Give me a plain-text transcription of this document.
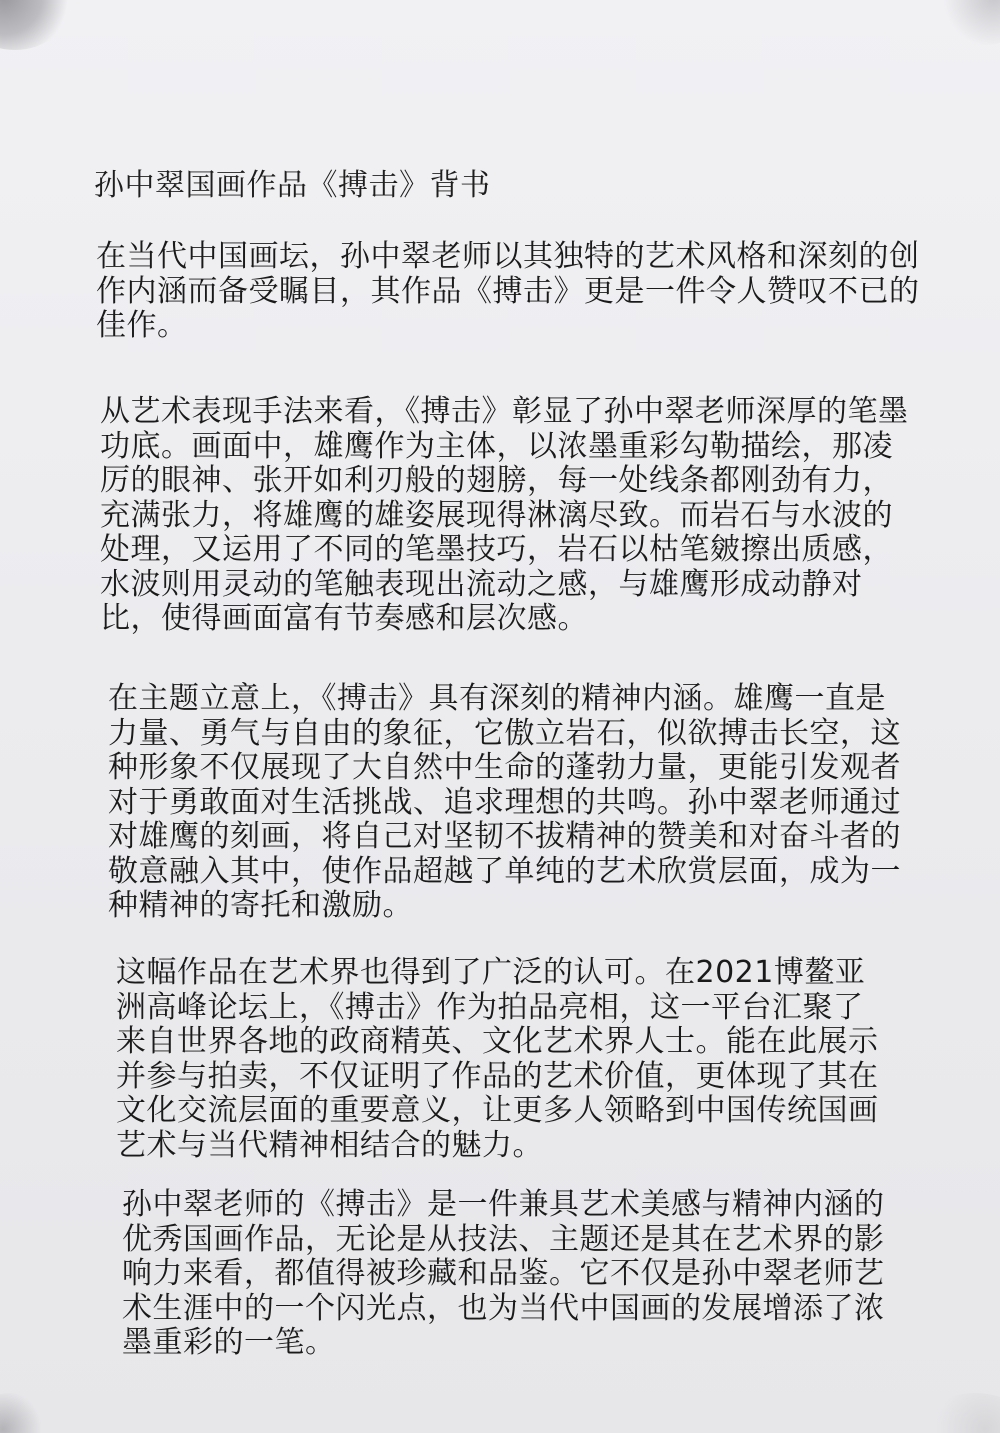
孙中翠国画作品《搏击》背书

在当代中国画坛，孙中翠老师以其独特的艺术风格和深刻的创作内涵而备受瞩目，其作品《搏击》更是一件令人赞叹不已的佳作。

从艺术表现手法来看，《搏击》彰显了孙中翠老师深厚的笔墨功底。画面中，雄鹰作为主体，以浓墨重彩勾勒描绘，那凌厉的眼神、张开如利刃般的翅膀，每一处线条都刚劲有力，充满张力，将雄鹰的雄姿展现得淋漓尽致。而岩石与水波的处理，又运用了不同的笔墨技巧，岩石以枯笔皴擦出质感，水波则用灵动的笔触表现出流动之感，与雄鹰形成动静对比，使得画面富有节奏感和层次感。

在主题立意上，《搏击》具有深刻的精神内涵。雄鹰一直是力量、勇气与自由的象征，它傲立岩石，似欲搏击长空，这种形象不仅展现了大自然中生命的蓬勃力量，更能引发观者对于勇敢面对生活挑战、追求理想的共鸣。孙中翠老师通过对雄鹰的刻画，将自己对坚韧不拔精神的赞美和对奋斗者的敬意融入其中，使作品超越了单纯的艺术欣赏层面，成为一种精神的寄托和激励。

这幅作品在艺术界也得到了广泛的认可。在2021博鳌亚洲高峰论坛上，《搏击》作为拍品亮相，这一平台汇聚了来自世界各地的政商精英、文化艺术界人士。能在此展示并参与拍卖，不仅证明了作品的艺术价值，更体现了其在文化交流层面的重要意义，让更多人领略到中国传统国画艺术与当代精神相结合的魅力。

孙中翠老师的《搏击》是一件兼具艺术美感与精神内涵的优秀国画作品，无论是从技法、主题还是其在艺术界的影响力来看，都值得被珍藏和品鉴。它不仅是孙中翠老师艺术生涯中的一个闪光点，也为当代中国画的发展增添了浓墨重彩的一笔。
